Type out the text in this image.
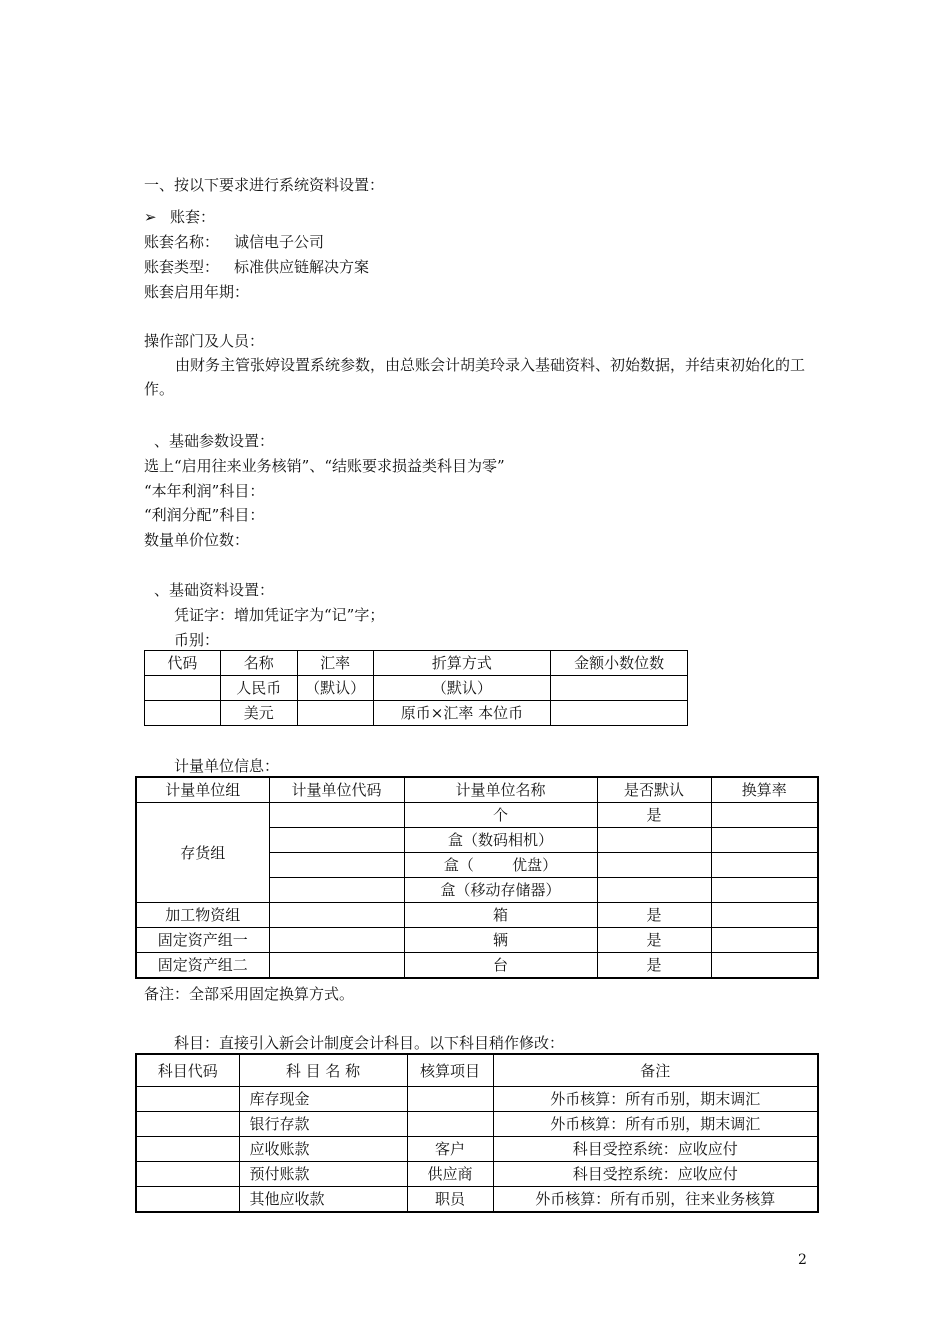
一、按以下要求进行系统资料设置：
➢ 账套：
账套名称： 诚信电子公司
账套类型： 标准供应链解决方案
账套启用年期：
操作部门及人员：
由财务主管张婷设置系统参数，由总账会计胡美玲录入基础资料、初始数据，并结束初始化的工作。
、基础参数设置：
选上“启用往来业务核销”、“结账要求损益类科目为零”
“本年利润”科目：
“利润分配”科目：
数量单价位数：
、基础资料设置：
凭证字：增加凭证字为“记”字；
币别：
代码	名称	汇率	折算方式	金额小数位数
	人民币	（默认）	（默认）	
	美元		原币×汇率 本位币	
计量单位信息：
计量单位组	计量单位代码	计量单位名称	是否默认	换算率
存货组		个	是	
		盒（数码相机）		
		盒（        优盘）		
		盒（移动存储器）		
加工物资组		箱	是	
固定资产组一		辆	是	
固定资产组二		台	是	
备注：全部采用固定换算方式。
科目：直接引入新会计制度会计科目。以下科目稍作修改：
科目代码	科 目 名 称	核算项目	备注
	库存现金		外币核算：所有币别，期末调汇
	银行存款		外币核算：所有币别，期末调汇
	应收账款	客户	科目受控系统：应收应付
	预付账款	供应商	科目受控系统：应收应付
	其他应收款	职员	外币核算：所有币别，往来业务核算
2
